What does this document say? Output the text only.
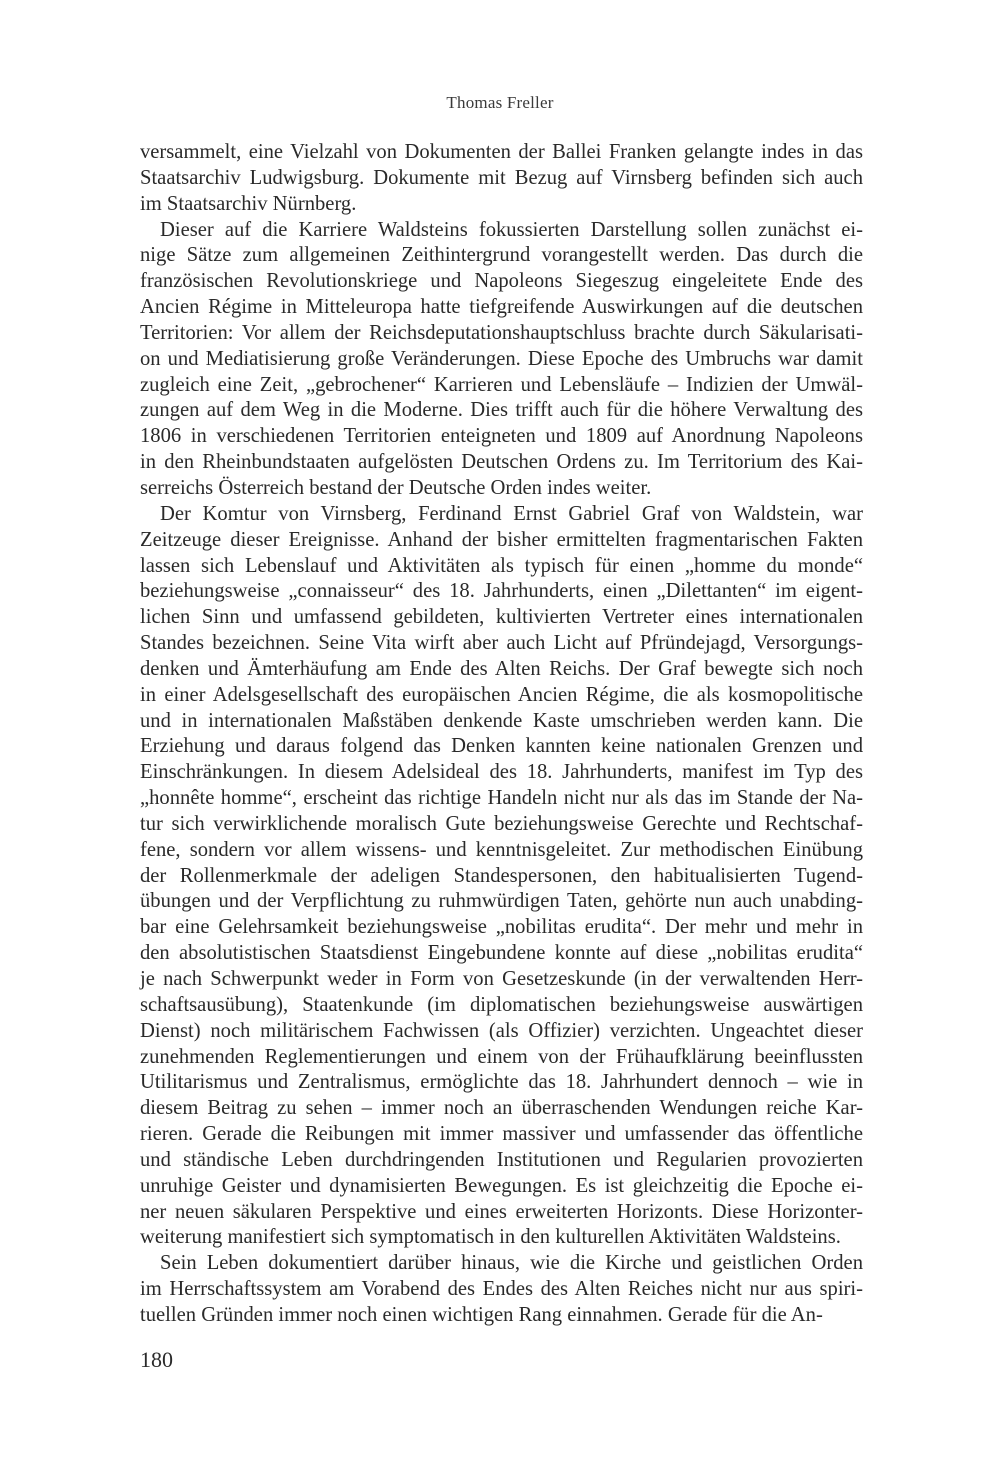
Thomas Freller

versammelt, eine Vielzahl von Dokumenten der Ballei Franken gelangte indes in das
Staatsarchiv Ludwigsburg. Dokumente mit Bezug auf Virnsberg befinden sich auch
im Staatsarchiv Nürnberg.

Dieser auf die Karriere Waldsteins fokussierten Darstellung sollen zunächst ei-
nige Sätze zum allgemeinen Zeithintergrund vorangestellt werden. Das durch die
französischen Revolutionskriege und Napoleons Siegeszug eingeleitete Ende des
Ancien Régime in Mitteleuropa hatte tiefgreifende Auswirkungen auf die deutschen
Territorien: Vor allem der Reichsdeputationshauptschluss brachte durch Säkularisati-
on und Mediatisierung große Veränderungen. Diese Epoche des Umbruchs war damit
zugleich eine Zeit, „gebrochener“ Karrieren und Lebensläufe – Indizien der Umwäl-
zungen auf dem Weg in die Moderne. Dies trifft auch für die höhere Verwaltung des
1806 in verschiedenen Territorien enteigneten und 1809 auf Anordnung Napoleons
in den Rheinbundstaaten aufgelösten Deutschen Ordens zu. Im Territorium des Kai-
serreichs Österreich bestand der Deutsche Orden indes weiter.

Der Komtur von Virnsberg, Ferdinand Ernst Gabriel Graf von Waldstein, war
Zeitzeuge dieser Ereignisse. Anhand der bisher ermittelten fragmentarischen Fakten
lassen sich Lebenslauf und Aktivitäten als typisch für einen „homme du monde“
beziehungsweise „connaisseur“ des 18. Jahrhunderts, einen „Dilettanten“ im eigent-
lichen Sinn und umfassend gebildeten, kultivierten Vertreter eines internationalen
Standes bezeichnen. Seine Vita wirft aber auch Licht auf Pfründejagd, Versorgungs-
denken und Ämterhäufung am Ende des Alten Reichs. Der Graf bewegte sich noch
in einer Adelsgesellschaft des europäischen Ancien Régime, die als kosmopolitische
und in internationalen Maßstäben denkende Kaste umschrieben werden kann. Die
Erziehung und daraus folgend das Denken kannten keine nationalen Grenzen und
Einschränkungen. In diesem Adelsideal des 18. Jahrhunderts, manifest im Typ des
„honnête homme“, erscheint das richtige Handeln nicht nur als das im Stande der Na-
tur sich verwirklichende moralisch Gute beziehungsweise Gerechte und Rechtschaf-
fene, sondern vor allem wissens- und kenntnisgeleitet. Zur methodischen Einübung
der Rollenmerkmale der adeligen Standespersonen, den habitualisierten Tugend-
übungen und der Verpflichtung zu ruhmwürdigen Taten, gehörte nun auch unabding-
bar eine Gelehrsamkeit beziehungsweise „nobilitas erudita“. Der mehr und mehr in
den absolutistischen Staatsdienst Eingebundene konnte auf diese „nobilitas erudita“
je nach Schwerpunkt weder in Form von Gesetzeskunde (in der verwaltenden Herr-
schaftsausübung), Staatenkunde (im diplomatischen beziehungsweise auswärtigen
Dienst) noch militärischem Fachwissen (als Offizier) verzichten. Ungeachtet dieser
zunehmenden Reglementierungen und einem von der Frühaufklärung beeinflussten
Utilitarismus und Zentralismus, ermöglichte das 18. Jahrhundert dennoch – wie in
diesem Beitrag zu sehen – immer noch an überraschenden Wendungen reiche Kar-
rieren. Gerade die Reibungen mit immer massiver und umfassender das öffentliche
und ständische Leben durchdringenden Institutionen und Regularien provozierten
unruhige Geister und dynamisierten Bewegungen. Es ist gleichzeitig die Epoche ei-
ner neuen säkularen Perspektive und eines erweiterten Horizonts. Diese Horizonter-
weiterung manifestiert sich symptomatisch in den kulturellen Aktivitäten Waldsteins.

Sein Leben dokumentiert darüber hinaus, wie die Kirche und geistlichen Orden
im Herrschaftssystem am Vorabend des Endes des Alten Reiches nicht nur aus spiri-
tuellen Gründen immer noch einen wichtigen Rang einnahmen. Gerade für die An-

180
